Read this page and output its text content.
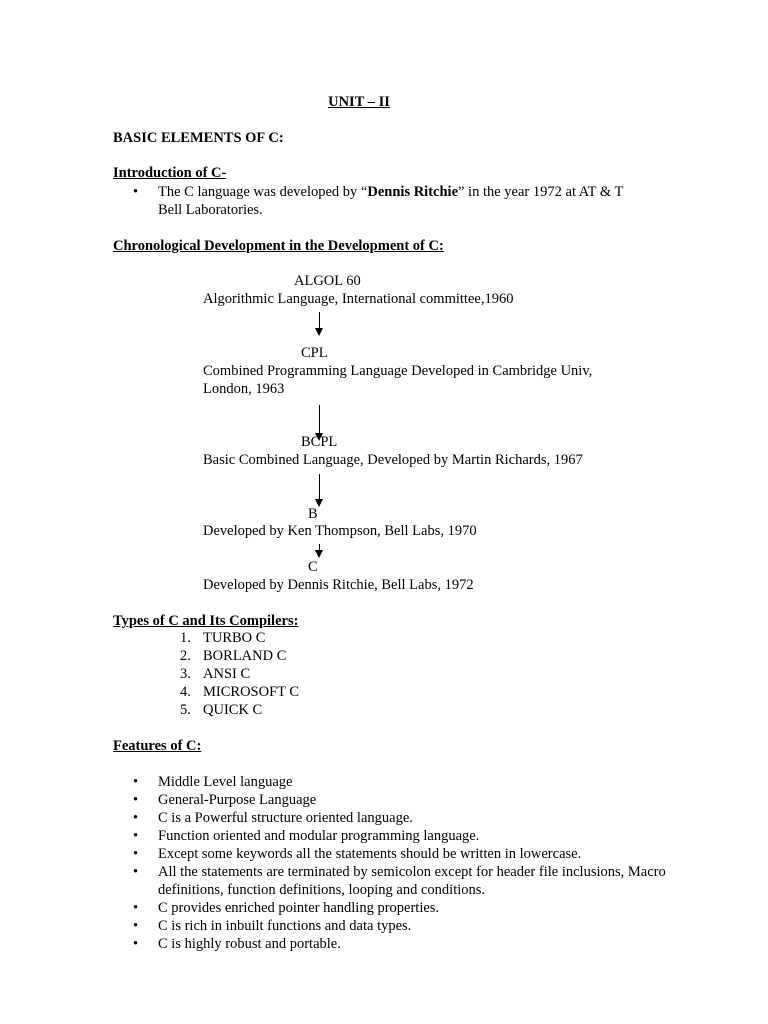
UNIT – II
BASIC ELEMENTS OF C:
Introduction of C-
• The C language was developed by “Dennis Ritchie” in the year 1972 at AT & T
Bell Laboratories.
Chronological Development in the Development of C:
ALGOL 60
Algorithmic Language, International committee,1960
CPL
Combined Programming Language Developed in Cambridge Univ,
London, 1963
BCPL
Basic Combined Language, Developed by Martin Richards, 1967
B
Developed by Ken Thompson, Bell Labs, 1970
C
Developed by Dennis Ritchie, Bell Labs, 1972
Types of C and Its Compilers:
1. TURBO C
2. BORLAND C
3. ANSI C
4. MICROSOFT C
5. QUICK C
Features of C:
• Middle Level language
• General-Purpose Language
• C is a Powerful structure oriented language.
• Function oriented and modular programming language.
• Except some keywords all the statements should be written in lowercase.
• All the statements are terminated by semicolon except for header file inclusions, Macro definitions, function definitions, looping and conditions.
• C provides enriched pointer handling properties.
• C is rich in inbuilt functions and data types.
• C is highly robust and portable.
